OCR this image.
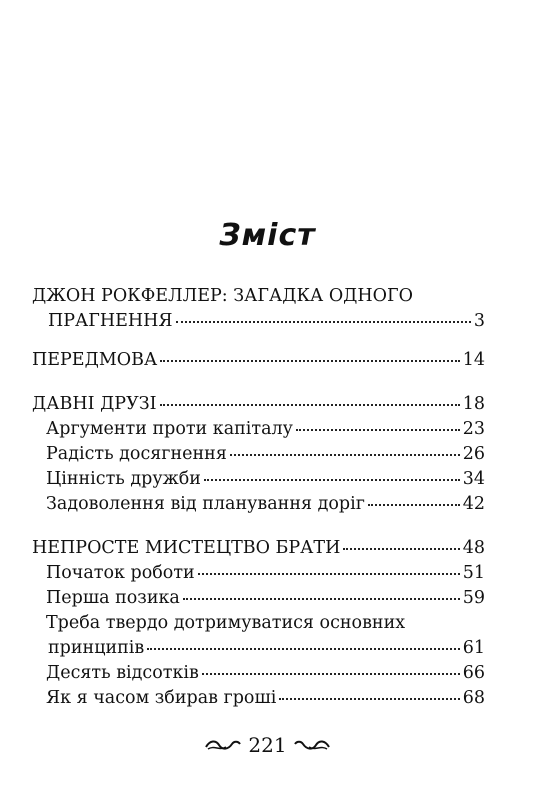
Зміст
ДЖОН РОКФЕЛЛЕР: ЗАГАДКА ОДНОГО
ПРАГНЕННЯ	3
ПЕРЕДМОВА	14
ДАВНІ ДРУЗІ	18
Аргументи проти капіталу	23
Радість досягнення	26
Цінність дружби	34
Задоволення від планування доріг	42
НЕПРОСТЕ МИСТЕЦТВО БРАТИ	48
Початок роботи	51
Перша позика	59
Треба твердо дотримуватися основних
принципів	61
Десять відсотків	66
Як я часом збирав гроші	68
221
